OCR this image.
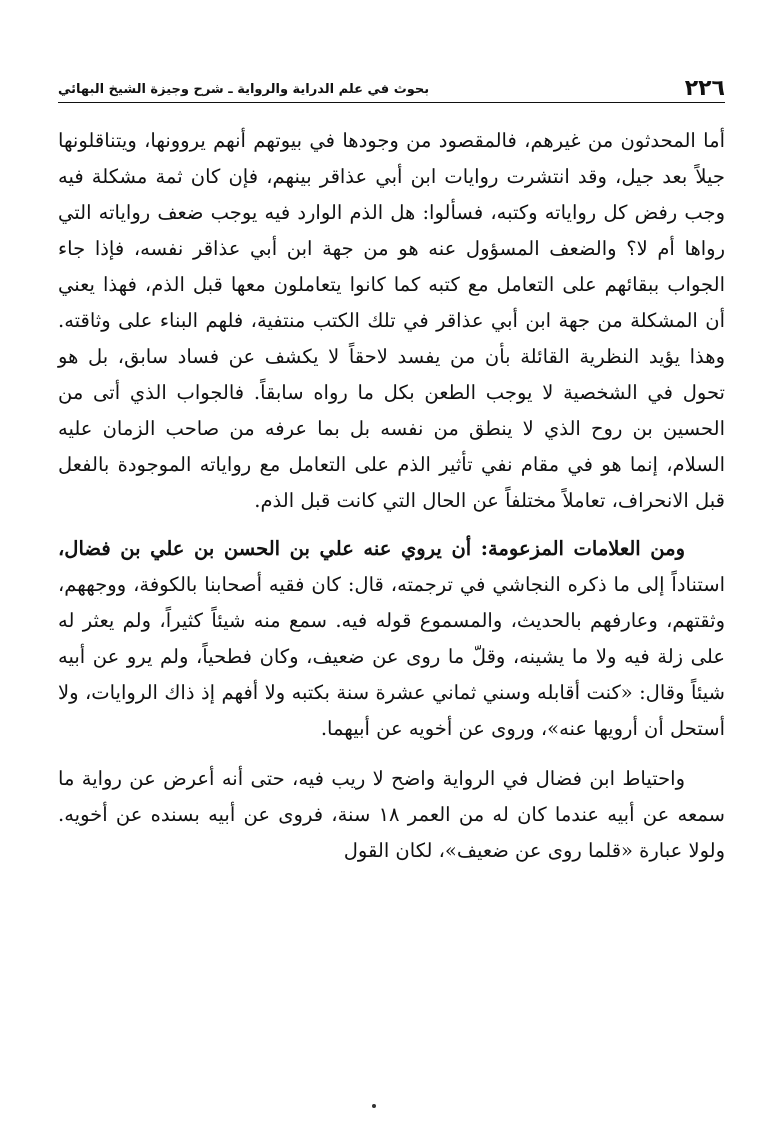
٢٢٦
بحوث في علم الدراية والرواية ـ شرح وجيزة الشيخ البهائي

أما المحدثون من غيرهم، فالمقصود من وجودها في بيوتهم أنهم يروونها، ويتناقلونها جيلاً بعد جيل، وقد انتشرت روايات ابن أبي عذاقر بينهم، فإن كان ثمة مشكلة فيه وجب رفض كل رواياته وكتبه، فسألوا: هل الذم الوارد فيه يوجب ضعف رواياته التي رواها أم لا؟ والضعف المسؤول عنه هو من جهة ابن أبي عذاقر نفسه، فإذا جاء الجواب ببقائهم على التعامل مع كتبه كما كانوا يتعاملون معها قبل الذم، فهذا يعني أن المشكلة من جهة ابن أبي عذاقر في تلك الكتب منتفية، فلهم البناء على وثاقته. وهذا يؤيد النظرية القائلة بأن من يفسد لاحقاً لا يكشف عن فساد سابق، بل هو تحول في الشخصية لا يوجب الطعن بكل ما رواه سابقاً. فالجواب الذي أتى من الحسين بن روح الذي لا ينطق من نفسه بل بما عرفه من صاحب الزمان عليه السلام، إنما هو في مقام نفي تأثير الذم على التعامل مع رواياته الموجودة بالفعل قبل الانحراف، تعاملاً مختلفاً عن الحال التي كانت قبل الذم.

ومن العلامات المزعومة: أن يروي عنه علي بن الحسن بن علي بن فضال، استناداً إلى ما ذكره النجاشي في ترجمته، قال: كان فقيه أصحابنا بالكوفة، ووجههم، وثقتهم، وعارفهم بالحديث، والمسموع قوله فيه. سمع منه شيئاً كثيراً، ولم يعثر له على زلة فيه ولا ما يشينه، وقلّ ما روى عن ضعيف، وكان فطحياً، ولم يرو عن أبيه شيئاً وقال: «كنت أقابله وسني ثماني عشرة سنة بكتبه ولا أفهم إذ ذاك الروايات، ولا أستحل أن أرويها عنه»، وروى عن أخويه عن أبيهما.

واحتياط ابن فضال في الرواية واضح لا ريب فيه، حتى أنه أعرض عن رواية ما سمعه عن أبيه عندما كان له من العمر ١٨ سنة، فروى عن أبيه بسنده عن أخويه. ولولا عبارة «قلما روى عن ضعيف»، لكان القول
